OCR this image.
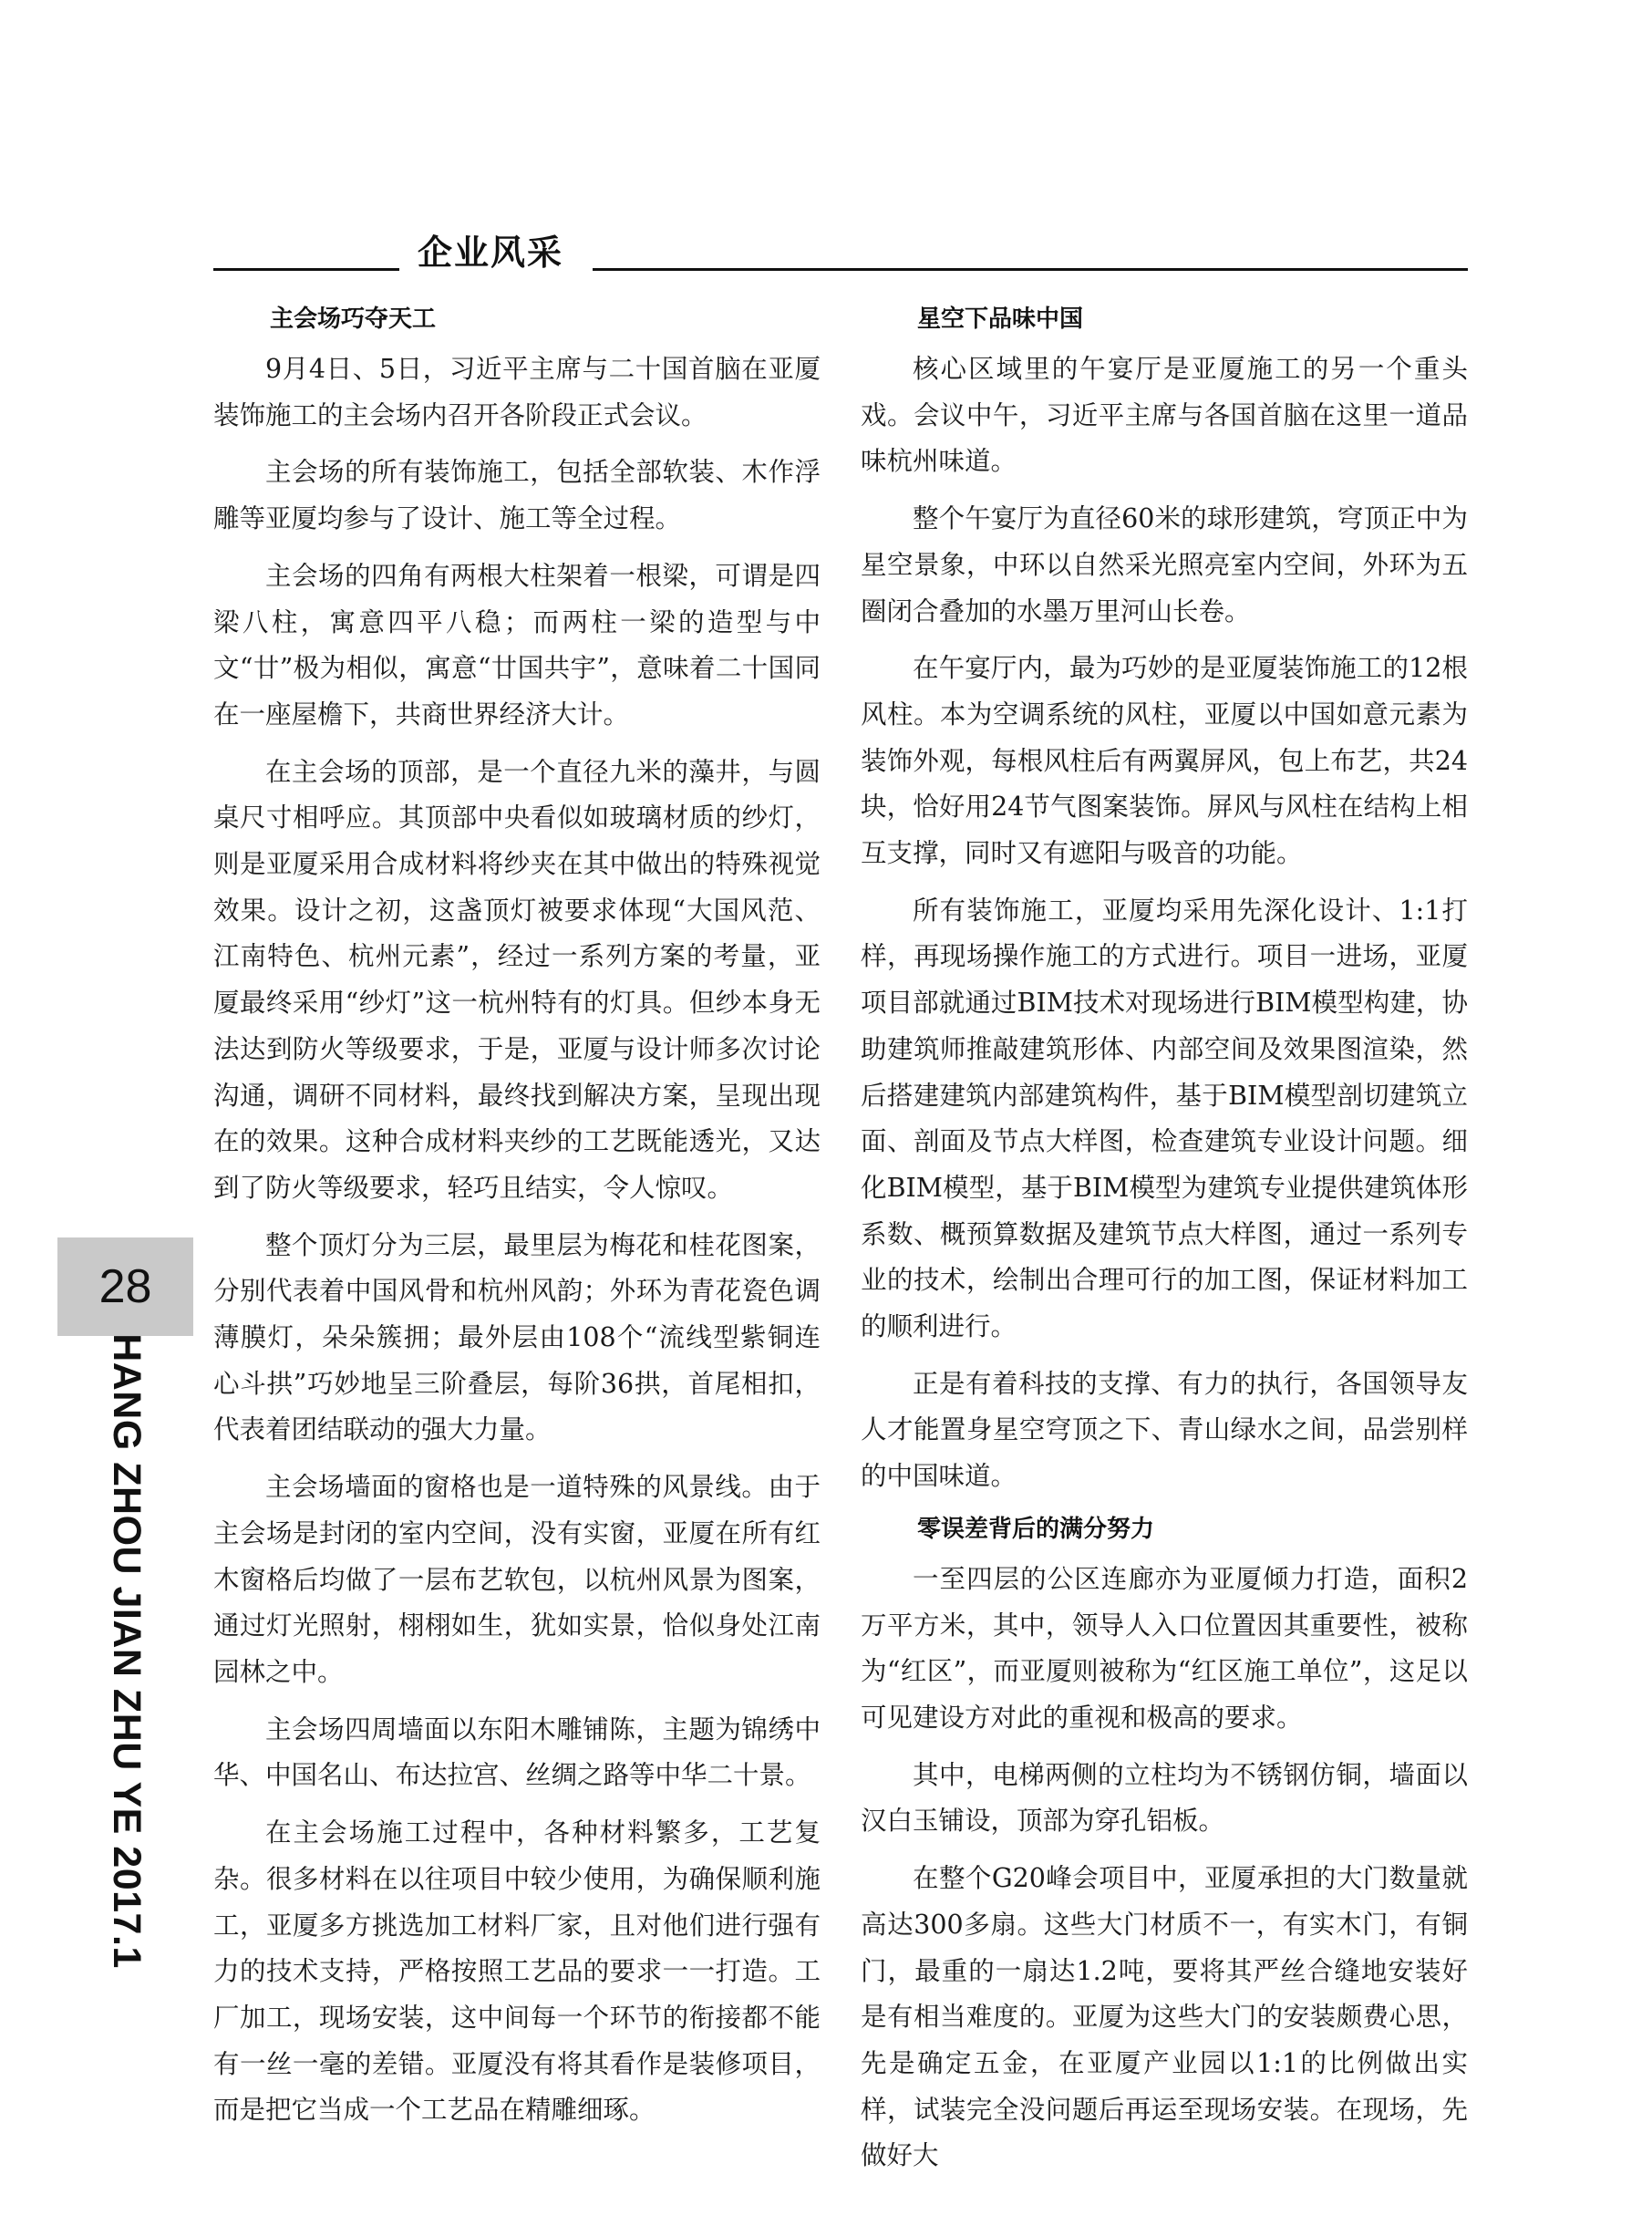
企业风采
主会场巧夺天工

9月4日、5日，习近平主席与二十国首脑在亚厦装饰施工的主会场内召开各阶段正式会议。

主会场的所有装饰施工，包括全部软装、木作浮雕等亚厦均参与了设计、施工等全过程。

主会场的四角有两根大柱架着一根梁，可谓是四梁八柱，寓意四平八稳；而两柱一梁的造型与中文“廿”极为相似，寓意“廿国共宇”，意味着二十国同在一座屋檐下，共商世界经济大计。

在主会场的顶部，是一个直径九米的藻井，与圆桌尺寸相呼应。其顶部中央看似如玻璃材质的纱灯，则是亚厦采用合成材料将纱夹在其中做出的特殊视觉效果。设计之初，这盏顶灯被要求体现“大国风范、江南特色、杭州元素”，经过一系列方案的考量，亚厦最终采用“纱灯”这一杭州特有的灯具。但纱本身无法达到防火等级要求，于是，亚厦与设计师多次讨论沟通，调研不同材料，最终找到解决方案，呈现出现在的效果。这种合成材料夹纱的工艺既能透光，又达到了防火等级要求，轻巧且结实，令人惊叹。

整个顶灯分为三层，最里层为梅花和桂花图案，分别代表着中国风骨和杭州风韵；外环为青花瓷色调薄膜灯，朵朵簇拥；最外层由108个“流线型紫铜连心斗拱”巧妙地呈三阶叠层，每阶36拱，首尾相扣，代表着团结联动的强大力量。

主会场墙面的窗格也是一道特殊的风景线。由于主会场是封闭的室内空间，没有实窗，亚厦在所有红木窗格后均做了一层布艺软包，以杭州风景为图案，通过灯光照射，栩栩如生，犹如实景，恰似身处江南园林之中。

主会场四周墙面以东阳木雕铺陈，主题为锦绣中华、中国名山、布达拉宫、丝绸之路等中华二十景。

在主会场施工过程中，各种材料繁多，工艺复杂。很多材料在以往项目中较少使用，为确保顺利施工，亚厦多方挑选加工材料厂家，且对他们进行强有力的技术支持，严格按照工艺品的要求一一打造。工厂加工，现场安装，这中间每一个环节的衔接都不能有一丝一毫的差错。亚厦没有将其看作是装修项目，而是把它当成一个工艺品在精雕细琢。

星空下品味中国

核心区域里的午宴厅是亚厦施工的另一个重头戏。会议中午，习近平主席与各国首脑在这里一道品味杭州味道。

整个午宴厅为直径60米的球形建筑，穹顶正中为星空景象，中环以自然采光照亮室内空间，外环为五圈闭合叠加的水墨万里河山长卷。

在午宴厅内，最为巧妙的是亚厦装饰施工的12根风柱。本为空调系统的风柱，亚厦以中国如意元素为装饰外观，每根风柱后有两翼屏风，包上布艺，共24块，恰好用24节气图案装饰。屏风与风柱在结构上相互支撑，同时又有遮阳与吸音的功能。

所有装饰施工，亚厦均采用先深化设计、1:1打样，再现场操作施工的方式进行。项目一进场，亚厦项目部就通过BIM技术对现场进行BIM模型构建，协助建筑师推敲建筑形体、内部空间及效果图渲染，然后搭建建筑内部建筑构件，基于BIM模型剖切建筑立面、剖面及节点大样图，检查建筑专业设计问题。细化BIM模型，基于BIM模型为建筑专业提供建筑体形系数、概预算数据及建筑节点大样图，通过一系列专业的技术，绘制出合理可行的加工图，保证材料加工的顺利进行。

正是有着科技的支撑、有力的执行，各国领导友人才能置身星空穹顶之下、青山绿水之间，品尝别样的中国味道。

零误差背后的满分努力

一至四层的公区连廊亦为亚厦倾力打造，面积2万平方米，其中，领导人入口位置因其重要性，被称为“红区”，而亚厦则被称为“红区施工单位”，这足以可见建设方对此的重视和极高的要求。

其中，电梯两侧的立柱均为不锈钢仿铜，墙面以汉白玉铺设，顶部为穿孔铝板。

在整个G20峰会项目中，亚厦承担的大门数量就高达300多扇。这些大门材质不一，有实木门，有铜门，最重的一扇达1.2吨，要将其严丝合缝地安装好是有相当难度的。亚厦为这些大门的安装颇费心思，先是确定五金，在亚厦产业园以1:1的比例做出实样，试装完全没问题后再运至现场安装。在现场，先做好大

28
HANG ZHOU JIAN ZHU YE 2017.1
